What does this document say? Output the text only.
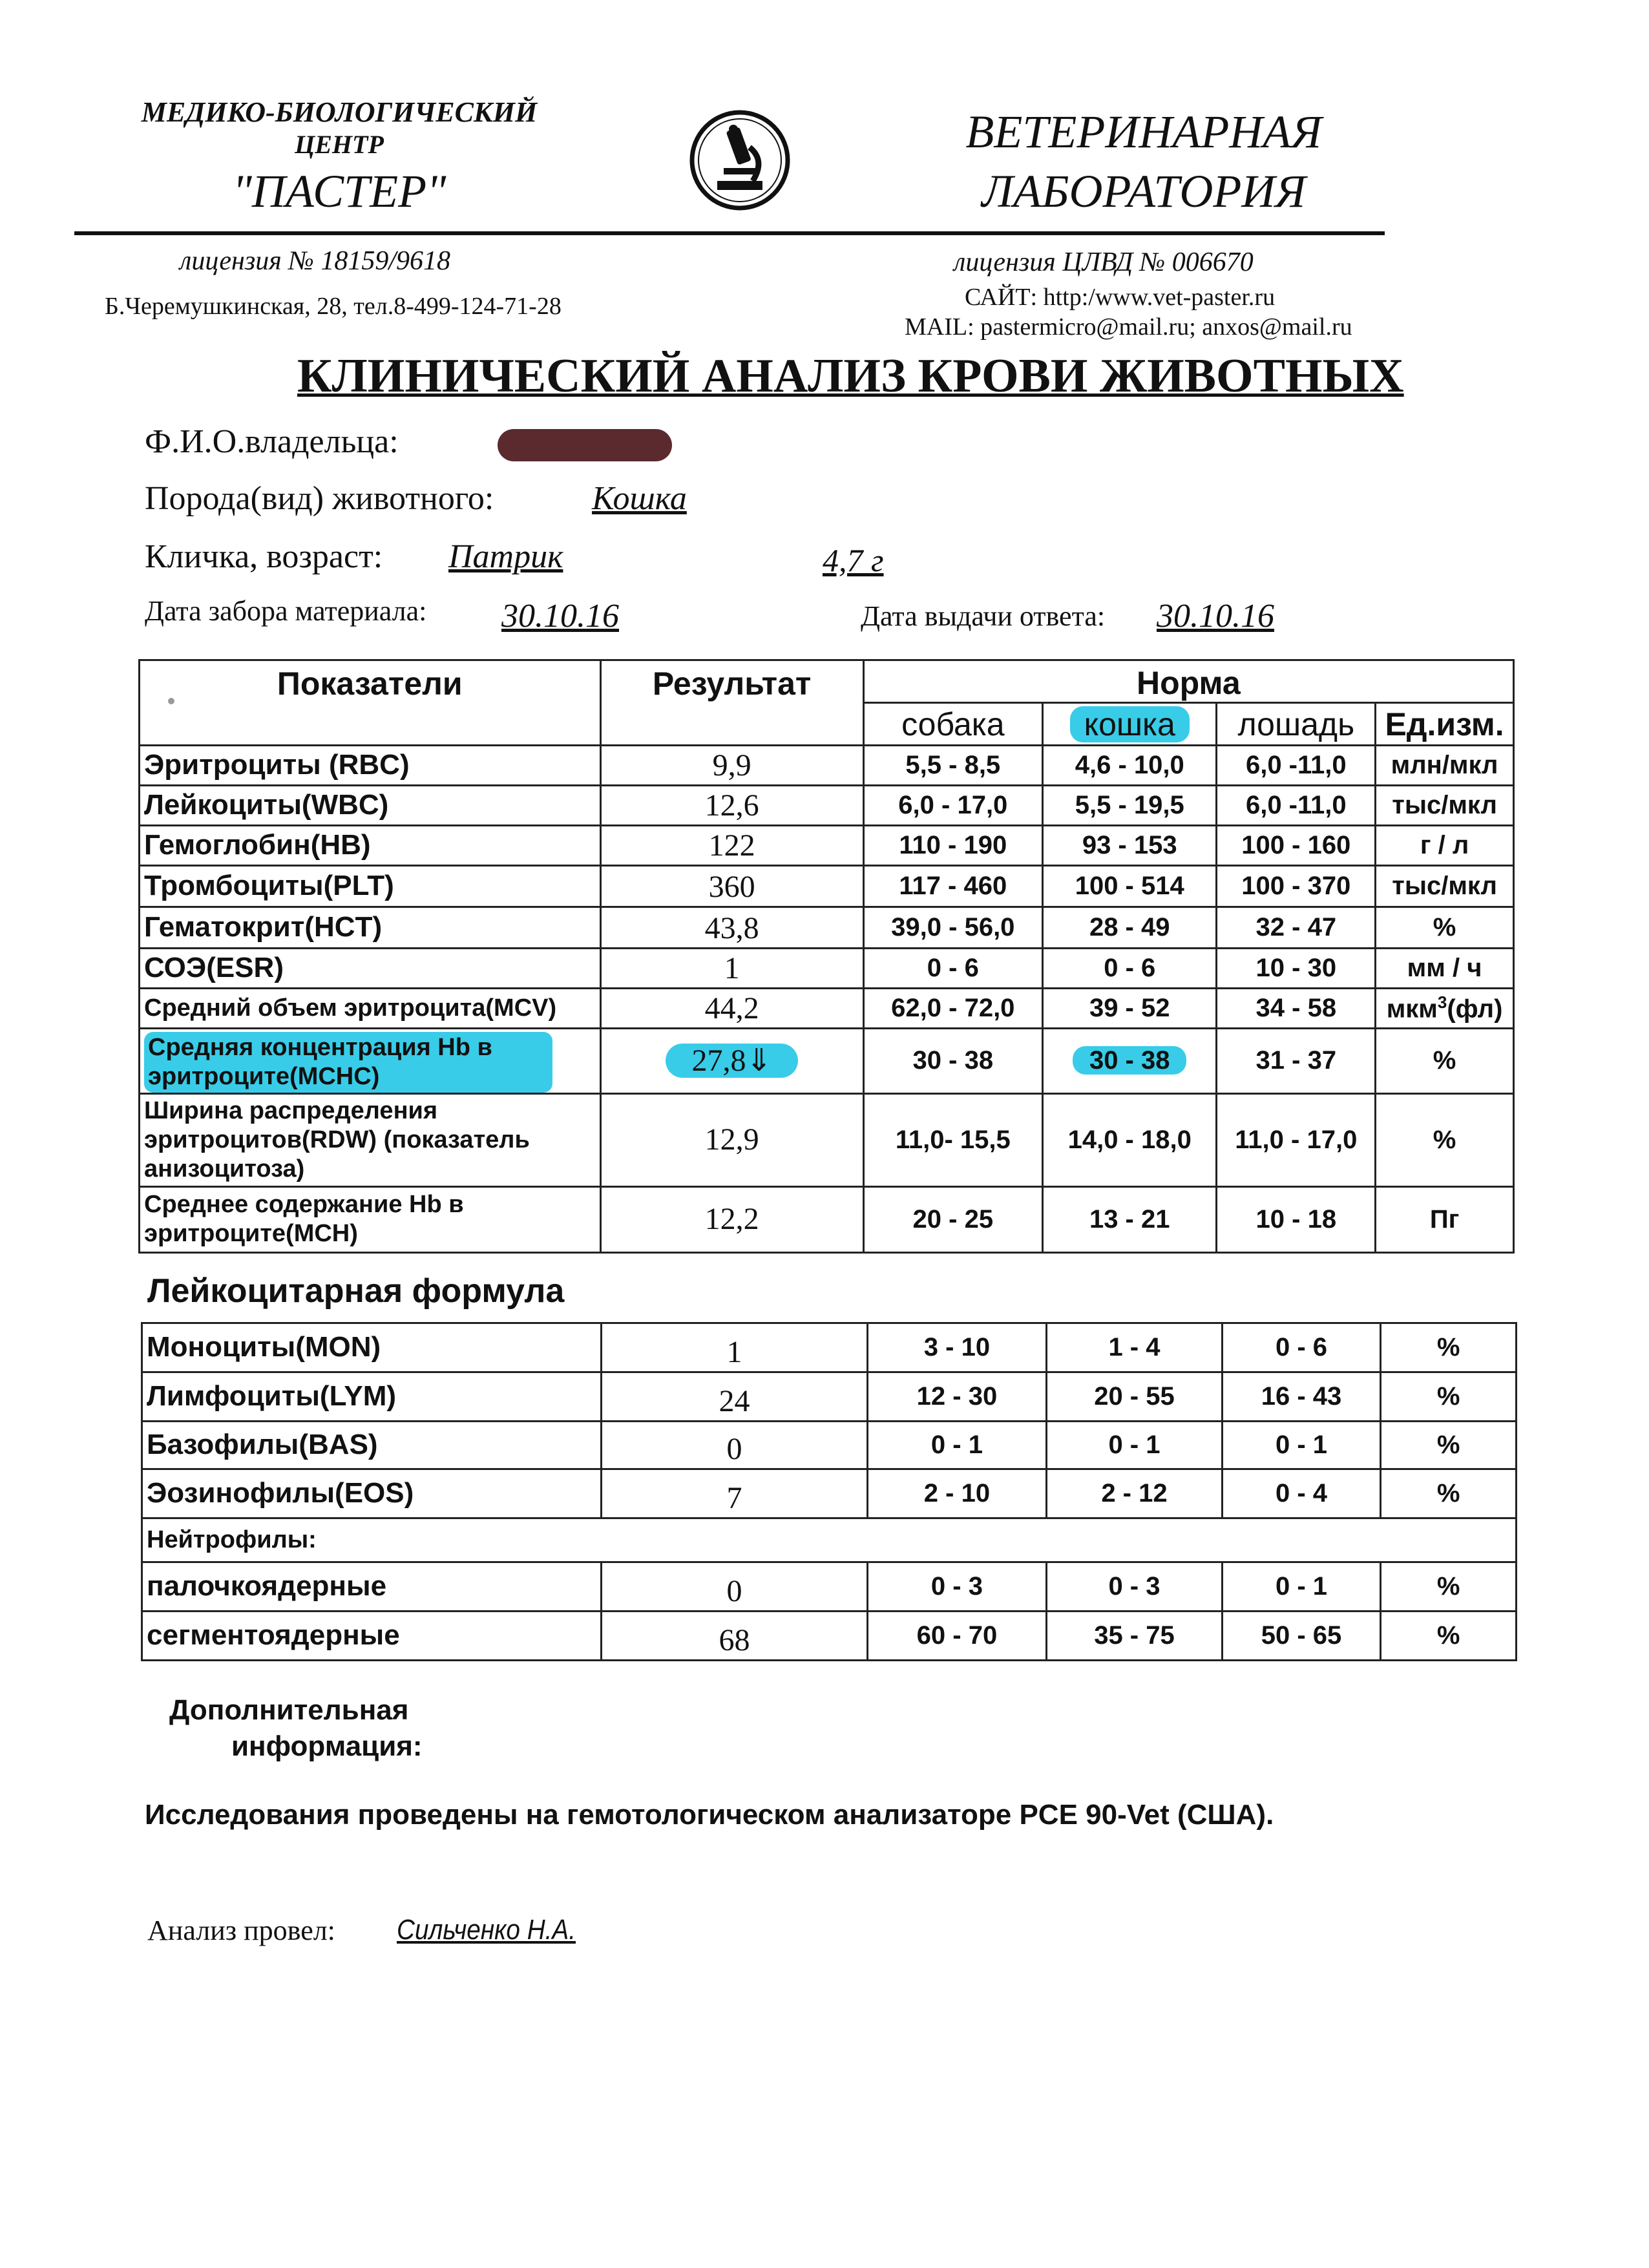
МЕДИКО-БИОЛОГИЧЕСКИЙ
ЦЕНТР
"ПАСТЕР"
ВЕТЕРИНАРНАЯ
ЛАБОРАТОРИЯ
лицензия № 18159/9618
Б.Черемушкинская, 28, тел.8-499-124-71-28
лицензия ЦЛВД № 006670
САЙТ: http:/www.vet-paster.ru
MAIL: pastermicro@mail.ru; anxos@mail.ru
КЛИНИЧЕСКИЙ АНАЛИЗ КРОВИ ЖИВОТНЫХ
Ф.И.О.владельца:
Порода(вид) животного:	Кошка
Кличка, возраст: Патрик	4,7 г
Дата забора материала: 30.10.16	Дата выдачи ответа: 30.10.16
Показатели	Результат	Норма			
		собака	кошка	лошадь	Ед.изм.
Эритроциты (RBC)	9,9	5,5 - 8,5	4,6 - 10,0	6,0 -11,0	млн/мкл
Лейкоциты(WBC)	12,6	6,0 - 17,0	5,5 - 19,5	6,0 -11,0	тыс/мкл
Гемоглобин(HB)	122	110 - 190	93 - 153	100 - 160	г / л
Тромбоциты(PLT)	360	117 - 460	100 - 514	100 - 370	тыс/мкл
Гематокрит(HCT)	43,8	39,0 - 56,0	28 - 49	32 - 47	%
СОЭ(ESR)	1	0 - 6	0 - 6	10 - 30	мм / ч
Средний объем эритроцита(MCV)	44,2	62,0 - 72,0	39 - 52	34 - 58	мкм$^3$(фл)
Средняя концентрация Hb в эритроците(MCHC)	27,8⇓	30 - 38	30 - 38	31 - 37	%
Ширина распределения эритроцитов(RDW) (показатель анизоцитоза)	12,9	11,0- 15,5	14,0 - 18,0	11,0 - 17,0	%
Среднее содержание Hb в эритроците(MCH)	12,2	20 - 25	13 - 21	10 - 18	Пг
Лейкоцитарная формула
Моноциты(MON)	1	3 - 10	1 - 4	0 - 6	%
Лимфоциты(LYM)	24	12 - 30	20 - 55	16 - 43	%
Базофилы(BAS)	0	0 - 1	0 - 1	0 - 1	%
Эозинофилы(EOS)	7	2 - 10	2 - 12	0 - 4	%
Нейтрофилы:					
палочкоядерные	0	0 - 3	0 - 3	0 - 1	%
сегментоядерные	68	60 - 70	35 - 75	50 - 65	%
Дополнительная
информация:
Исследования проведены на гемотологическом анализаторе PCE 90-Vet (США).
Анализ провел: Сильченко Н.А.
